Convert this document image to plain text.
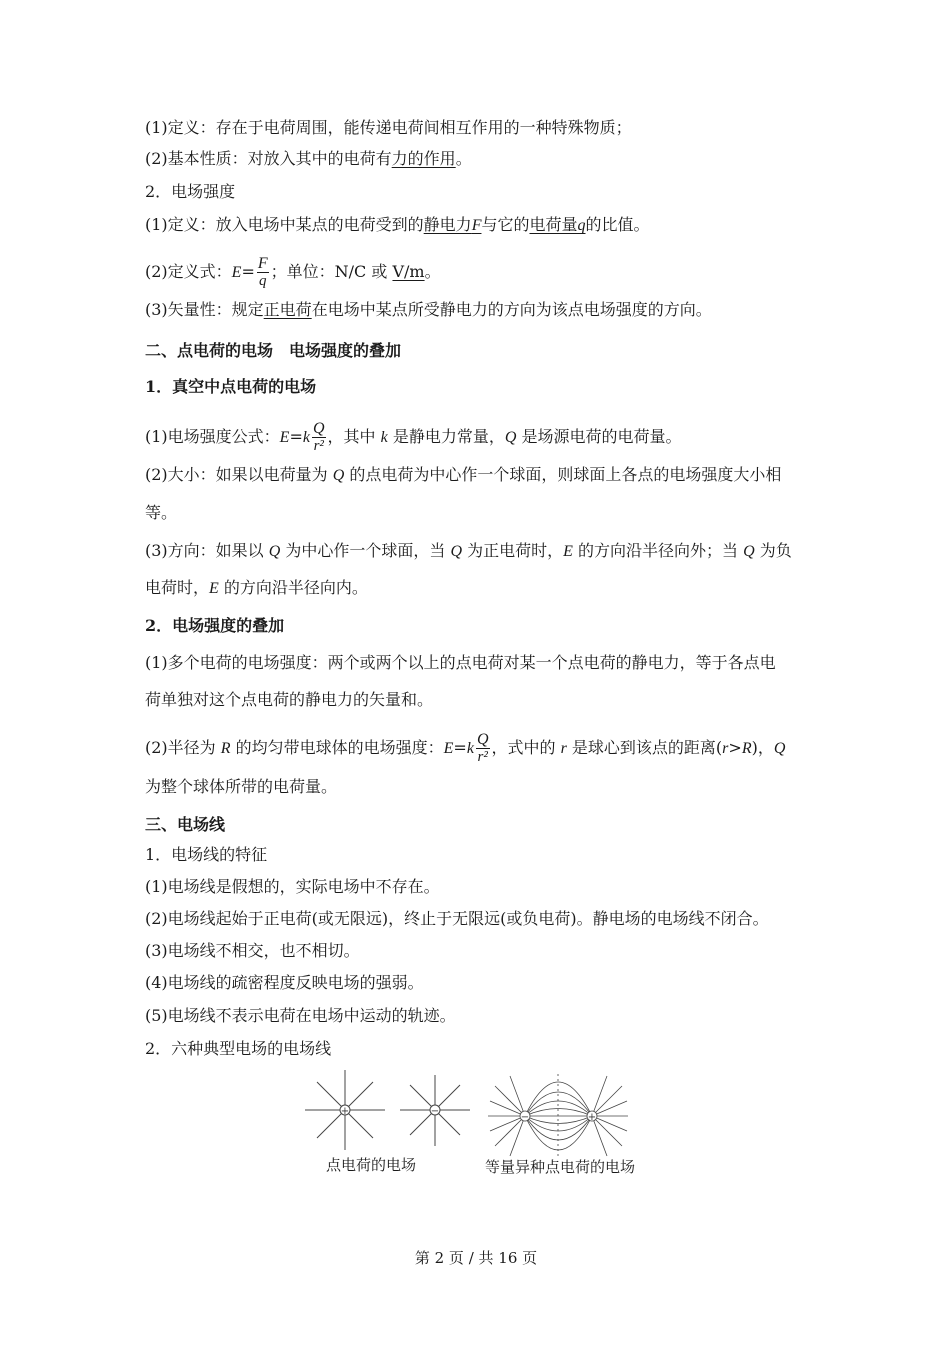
(1)定义：存在于电荷周围，能传递电荷间相互作用的一种特殊物质；
(2)基本性质：对放入其中的电荷有力的作用。
2．电场强度
(1)定义：放入电场中某点的电荷受到的静电力F与它的电荷量q的比值。
(2)定义式：$E= \frac{F}{q}$ ；单位：N/C 或 V/m。
(3)矢量性：规定正电荷在电场中某点所受静电力的方向为该点电场强度的方向。
二、点电荷的电场　电场强度的叠加
1．真空中点电荷的电场
(1)电场强度公式：$E=k \frac{Q}{\text{r²}}$ ，其中 k 是静电力常量，Q 是场源电荷的电荷量。
(2)大小：如果以电荷量为 Q 的点电荷为中心作一个球面，则球面上各点的电场强度大小相
等。
(3)方向：如果以 Q 为中心作一个球面，当 Q 为正电荷时，E 的方向沿半径向外；当 Q 为负
电荷时，E 的方向沿半径向内。
2．电场强度的叠加
(1)多个电荷的电场强度：两个或两个以上的点电荷对某一个点电荷的静电力，等于各点电
荷单独对这个点电荷的静电力的矢量和。
(2)半径为 R 的均匀带电球体的电场强度：$E=k \frac{Q}{\text{r²}}$ ，式中的 r 是球心到该点的距离(r>R)，Q
为整个球体所带的电荷量。
三、电场线
1．电场线的特征
(1)电场线是假想的，实际电场中不存在。
(2)电场线起始于正电荷(或无限远)，终止于无限远(或负电荷)。静电场的电场线不闭合。
(3)电场线不相交，也不相切。
(4)电场线的疏密程度反映电场的强弱。
(5)电场线不表示电荷在电场中运动的轨迹。
2．六种典型电场的电场线
+	−
−	+
点电荷的电场	等量异种点电荷的电场
第 2 页 / 共 16 页
